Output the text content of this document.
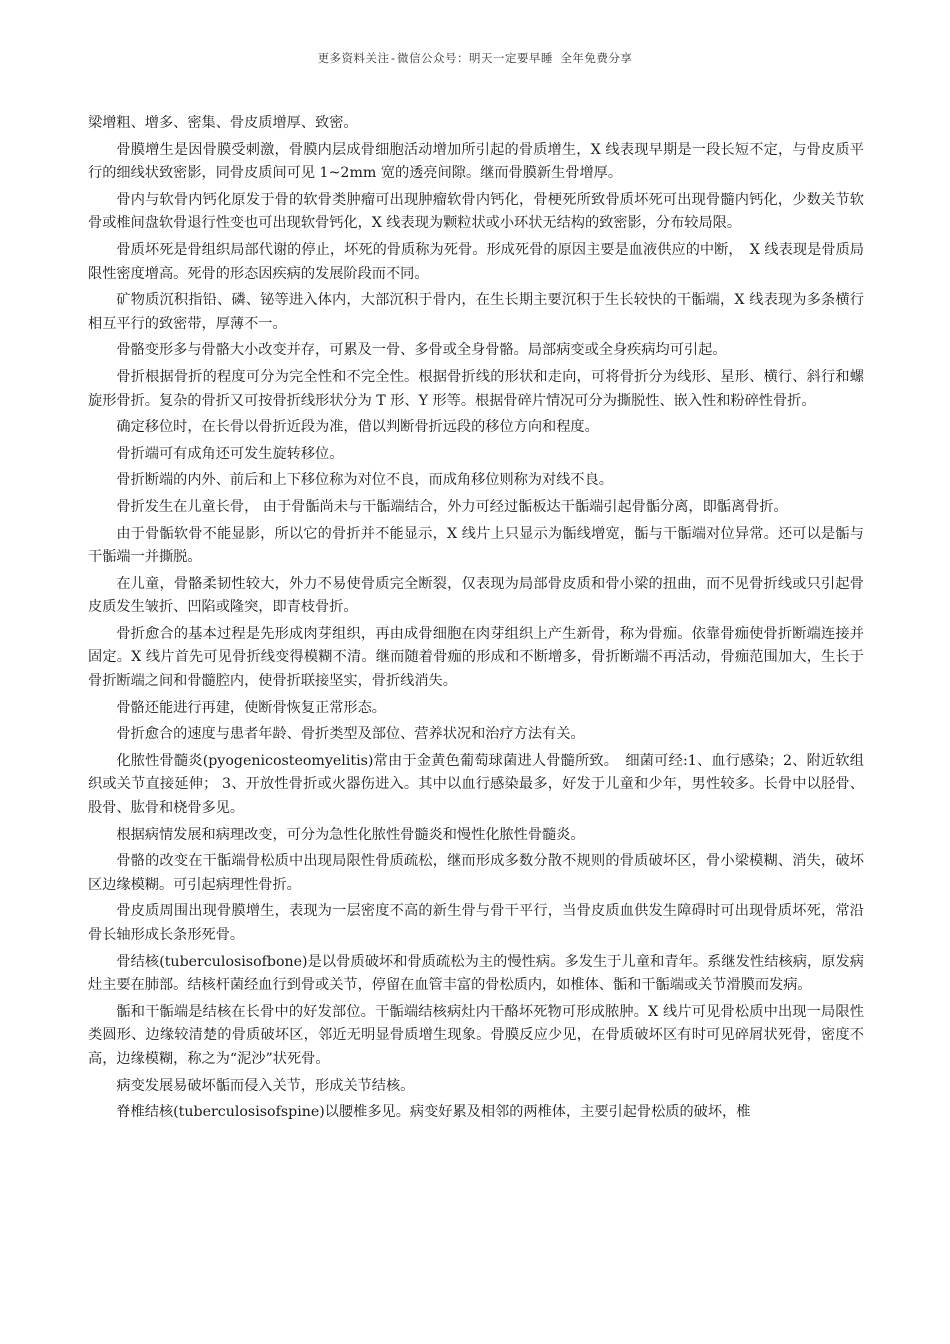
更多资料关注-微信公众号：明天一定要早睡 全年免费分享

梁增粗、增多、密集、骨皮质增厚、致密。

骨膜增生是因骨膜受刺激，骨膜内层成骨细胞活动增加所引起的骨质增生，X 线表现早期是一段长短不定，与骨皮质平行的细线状致密影，同骨皮质间可见 1~2mm 宽的透亮间隙。继而骨膜新生骨增厚。

骨内与软骨内钙化原发于骨的软骨类肿瘤可出现肿瘤软骨内钙化，骨梗死所致骨质坏死可出现骨髓内钙化，少数关节软骨或椎间盘软骨退行性变也可出现软骨钙化，X 线表现为颗粒状或小环状无结构的致密影，分布较局限。

骨质坏死是骨组织局部代谢的停止，坏死的骨质称为死骨。形成死骨的原因主要是血液供应的中断，　X 线表现是骨质局限性密度增高。死骨的形态因疾病的发展阶段而不同。

矿物质沉积指铅、磷、铋等进入体内，大部沉积于骨内，在生长期主要沉积于生长较快的干骺端，X 线表现为多条横行相互平行的致密带，厚薄不一。

骨骼变形多与骨骼大小改变并存，可累及一骨、多骨或全身骨骼。局部病变或全身疾病均可引起。

骨折根据骨折的程度可分为完全性和不完全性。根据骨折线的形状和走向，可将骨折分为线形、星形、横行、斜行和螺旋形骨折。复杂的骨折又可按骨折线形状分为 T 形、Y 形等。根据骨碎片情况可分为撕脱性、嵌入性和粉碎性骨折。

确定移位时，在长骨以骨折近段为准，借以判断骨折远段的移位方向和程度。

骨折端可有成角还可发生旋转移位。

骨折断端的内外、前后和上下移位称为对位不良，而成角移位则称为对线不良。

骨折发生在儿童长骨， 由于骨骺尚未与干骺端结合，外力可经过骺板达干骺端引起骨骺分离，即骺离骨折。

由于骨骺软骨不能显影，所以它的骨折并不能显示，X 线片上只显示为骺线增宽，骺与干骺端对位异常。还可以是骺与干骺端一并撕脱。

在儿童，骨骼柔韧性较大，外力不易使骨质完全断裂，仅表现为局部骨皮质和骨小梁的扭曲，而不见骨折线或只引起骨皮质发生皱折、凹陷或隆突，即青枝骨折。

骨折愈合的基本过程是先形成肉芽组织，再由成骨细胞在肉芽组织上产生新骨，称为骨痂。依靠骨痂使骨折断端连接并固定。X 线片首先可见骨折线变得模糊不清。继而随着骨痂的形成和不断增多，骨折断端不再活动，骨痂范围加大，生长于骨折断端之间和骨髓腔内，使骨折联接坚实，骨折线消失。

骨骼还能进行再建，使断骨恢复正常形态。

骨折愈合的速度与患者年龄、骨折类型及部位、营养状况和治疗方法有关。

化脓性骨髓炎(pyogenicosteomyelitis)常由于金黄色葡萄球菌进人骨髓所致。　细菌可经:1、血行感染；2、附近软组织或关节直接延伸； 3、开放性骨折或火器伤进入。其中以血行感染最多，好发于儿童和少年，男性较多。长骨中以胫骨、股骨、肱骨和桡骨多见。

根据病情发展和病理改变，可分为急性化脓性骨髓炎和慢性化脓性骨髓炎。

骨骼的改变在干骺端骨松质中出现局限性骨质疏松，继而形成多数分散不规则的骨质破坏区，骨小梁模糊、消失，破坏区边缘模糊。可引起病理性骨折。

骨皮质周围出现骨膜增生，表现为一层密度不高的新生骨与骨干平行，当骨皮质血供发生障碍时可出现骨质坏死，常沿骨长轴形成长条形死骨。

骨结核(tuberculosisofbone)是以骨质破坏和骨质疏松为主的慢性病。多发生于儿童和青年。系继发性结核病，原发病灶主要在肺部。结核杆菌经血行到骨或关节，停留在血管丰富的骨松质内，如椎体、骺和干骺端或关节滑膜而发病。

骺和干骺端是结核在长骨中的好发部位。干骺端结核病灶内干酪坏死物可形成脓肿。X 线片可见骨松质中出现一局限性类圆形、边缘较清楚的骨质破坏区，邻近无明显骨质增生现象。骨膜反应少见，在骨质破坏区有时可见碎屑状死骨，密度不高，边缘模糊，称之为“泥沙”状死骨。

病变发展易破坏骺而侵入关节，形成关节结核。

脊椎结核(tuberculosisofspine)以腰椎多见。病变好累及相邻的两椎体，主要引起骨松质的破坏，椎
